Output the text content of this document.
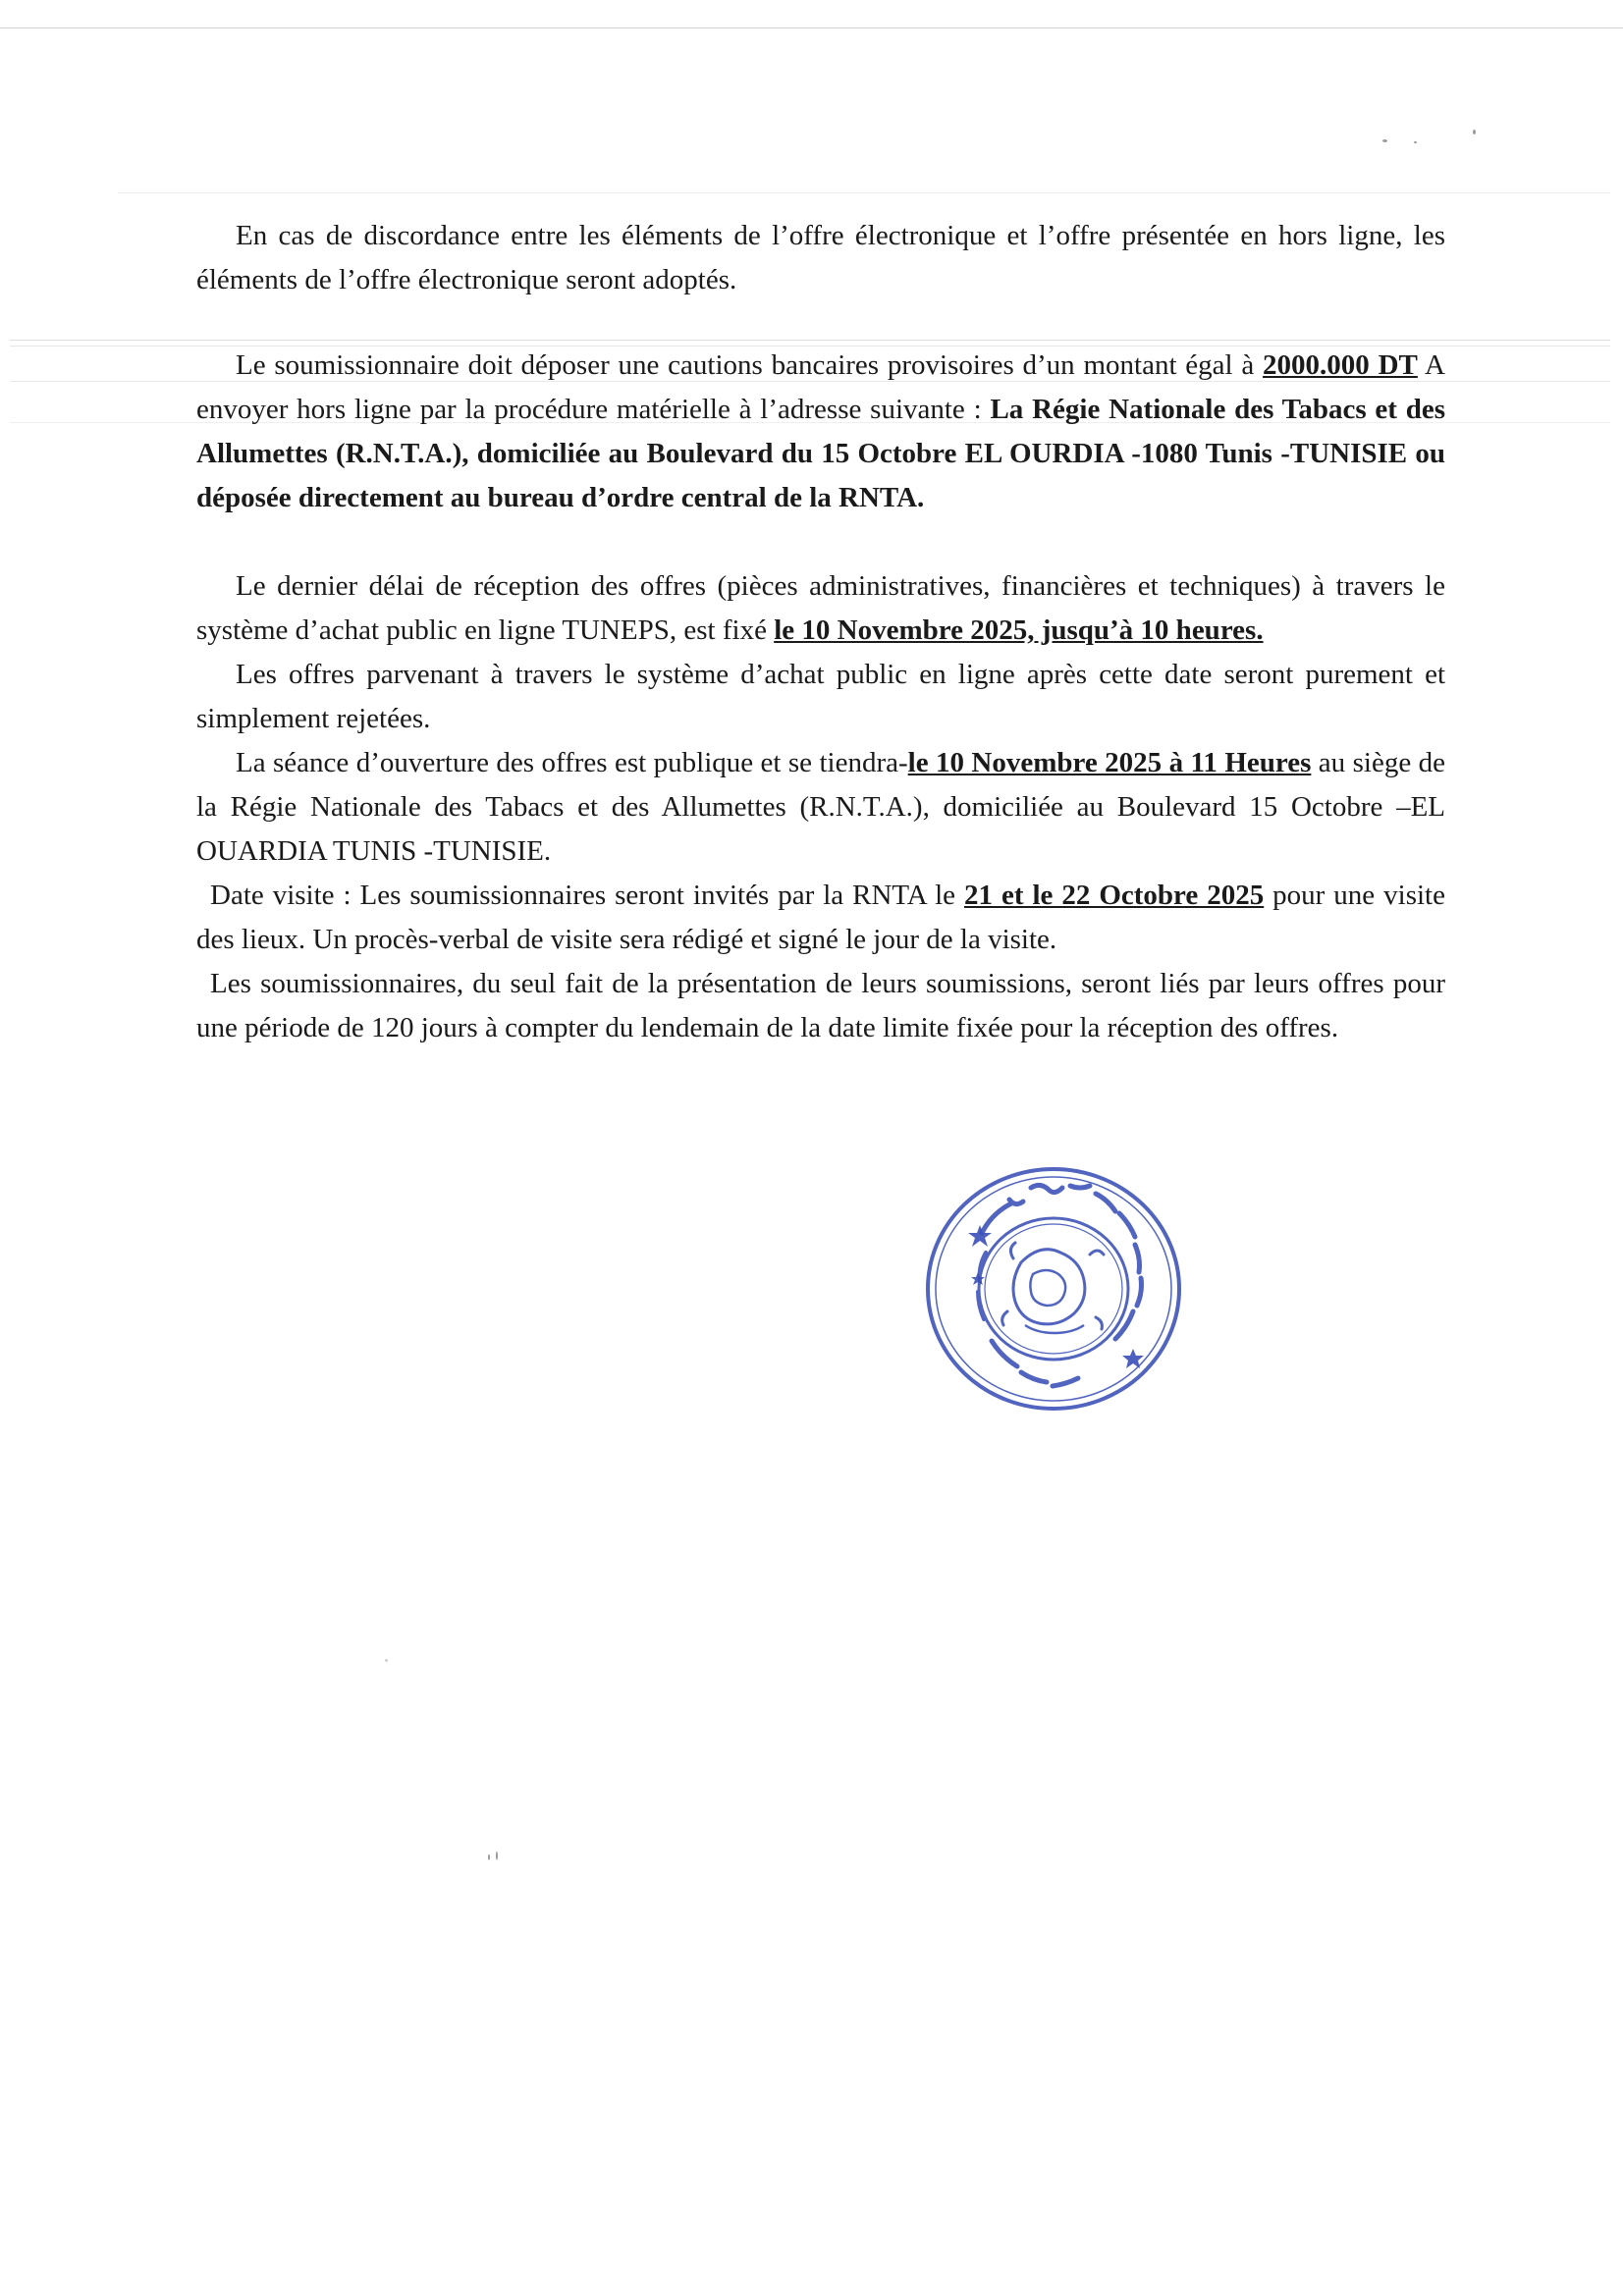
En cas de discordance entre les éléments de l’offre électronique et l’offre présentée en hors ligne, les éléments de l’offre électronique seront adoptés.

Le soumissionnaire doit déposer une cautions bancaires provisoires d’un montant égal à 2000.000 DT A envoyer hors ligne par la procédure matérielle à l’adresse suivante : La Régie Nationale des Tabacs et des Allumettes (R.N.T.A.), domiciliée au Boulevard du 15 Octobre EL OURDIA -1080 Tunis -TUNISIE ou déposée directement au bureau d’ordre central de la RNTA.

Le dernier délai de réception des offres (pièces administratives, financières et techniques) à travers le système d’achat public en ligne TUNEPS, est fixé le 10 Novembre 2025, jusqu’à 10 heures.

Les offres parvenant à travers le système d’achat public en ligne après cette date seront purement et simplement rejetées.

La séance d’ouverture des offres est publique et se tiendra-le 10 Novembre 2025 à 11 Heures au siège de la Régie Nationale des Tabacs et des Allumettes (R.N.T.A.), domiciliée au Boulevard 15 Octobre –EL OUARDIA TUNIS -TUNISIE.

Date visite : Les soumissionnaires seront invités par la RNTA le 21 et le 22 Octobre 2025 pour une visite des lieux. Un procès-verbal de visite sera rédigé et signé le jour de la visite.

Les soumissionnaires, du seul fait de la présentation de leurs soumissions, seront liés par leurs offres pour une période de 120 jours à compter du lendemain de la date limite fixée pour la réception des offres.
